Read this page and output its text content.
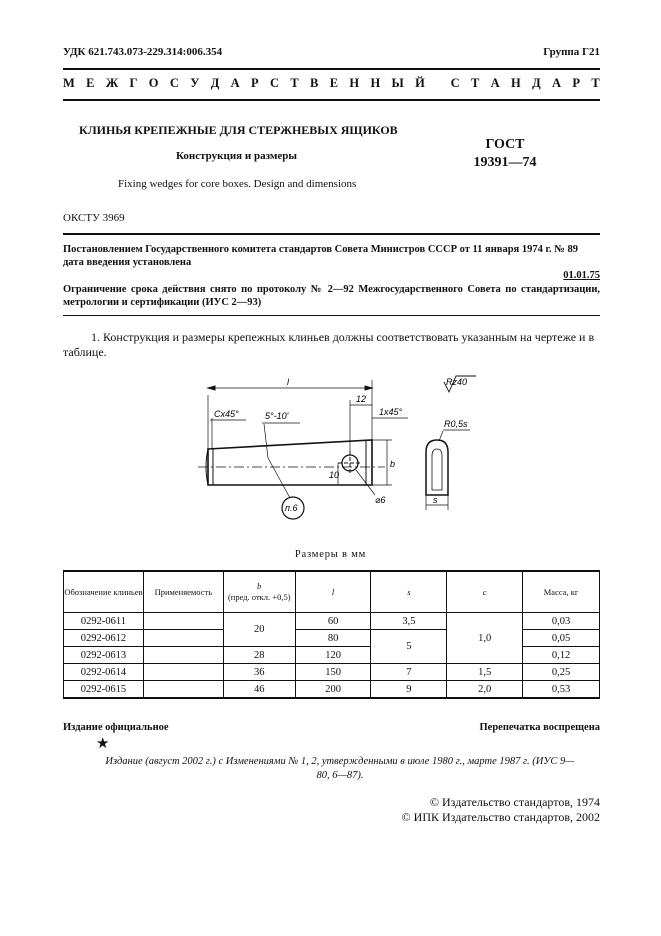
УДК 621.743.073-229.314:006.354	Группа Г21
М Е Ж Г О С У Д А Р С Т В Е Н Н Ы Й
С Т А Н Д А Р Т
КЛИНЬЯ КРЕПЕЖНЫЕ ДЛЯ СТЕРЖНЕВЫХ ЯЩИКОВ
Конструкция и размеры
ГОСТ
19391—74
Fixing wedges for core boxes. Design and dimensions
ОКСТУ 3969
Постановлением Государственного комитета стандартов Совета Министров СССР от 11 января 1974 г. № 89 дата введения установлена
01.01.75
Ограничение срока действия снято по протоколу № 2—92 Межгосударственного Совета по стандартизации, метрологии и сертификации (ИУС 2—93)
1. Конструкция и размеры крепежных клиньев должны соответствовать указанным на чертеже и в таблице.
l
12
Cx45°	1x45°
5°-10'
Rz40
R0,5s
b
10
⌀6
п.6
s
Размеры в мм
Обозначение клиньев	Применяемость	b
(пред. откл. +0,5)	l	s	c	Масса, кг
0292-0611		20	60	3,5	1,0	0,03
0292-0612			80	5		0,05
0292-0613		28	120			0,12
0292-0614		36	150	7	1,5	0,25
0292-0615		46	200	9	2,0	0,53
Издание официальное	Перепечатка воспрещена
★
Издание (август 2002 г.) с Изменениями № 1, 2, утвержденными в июле 1980 г., марте 1987 г. (ИУС 9—80, 6—87).
© Издательство стандартов, 1974
© ИПК Издательство стандартов, 2002
